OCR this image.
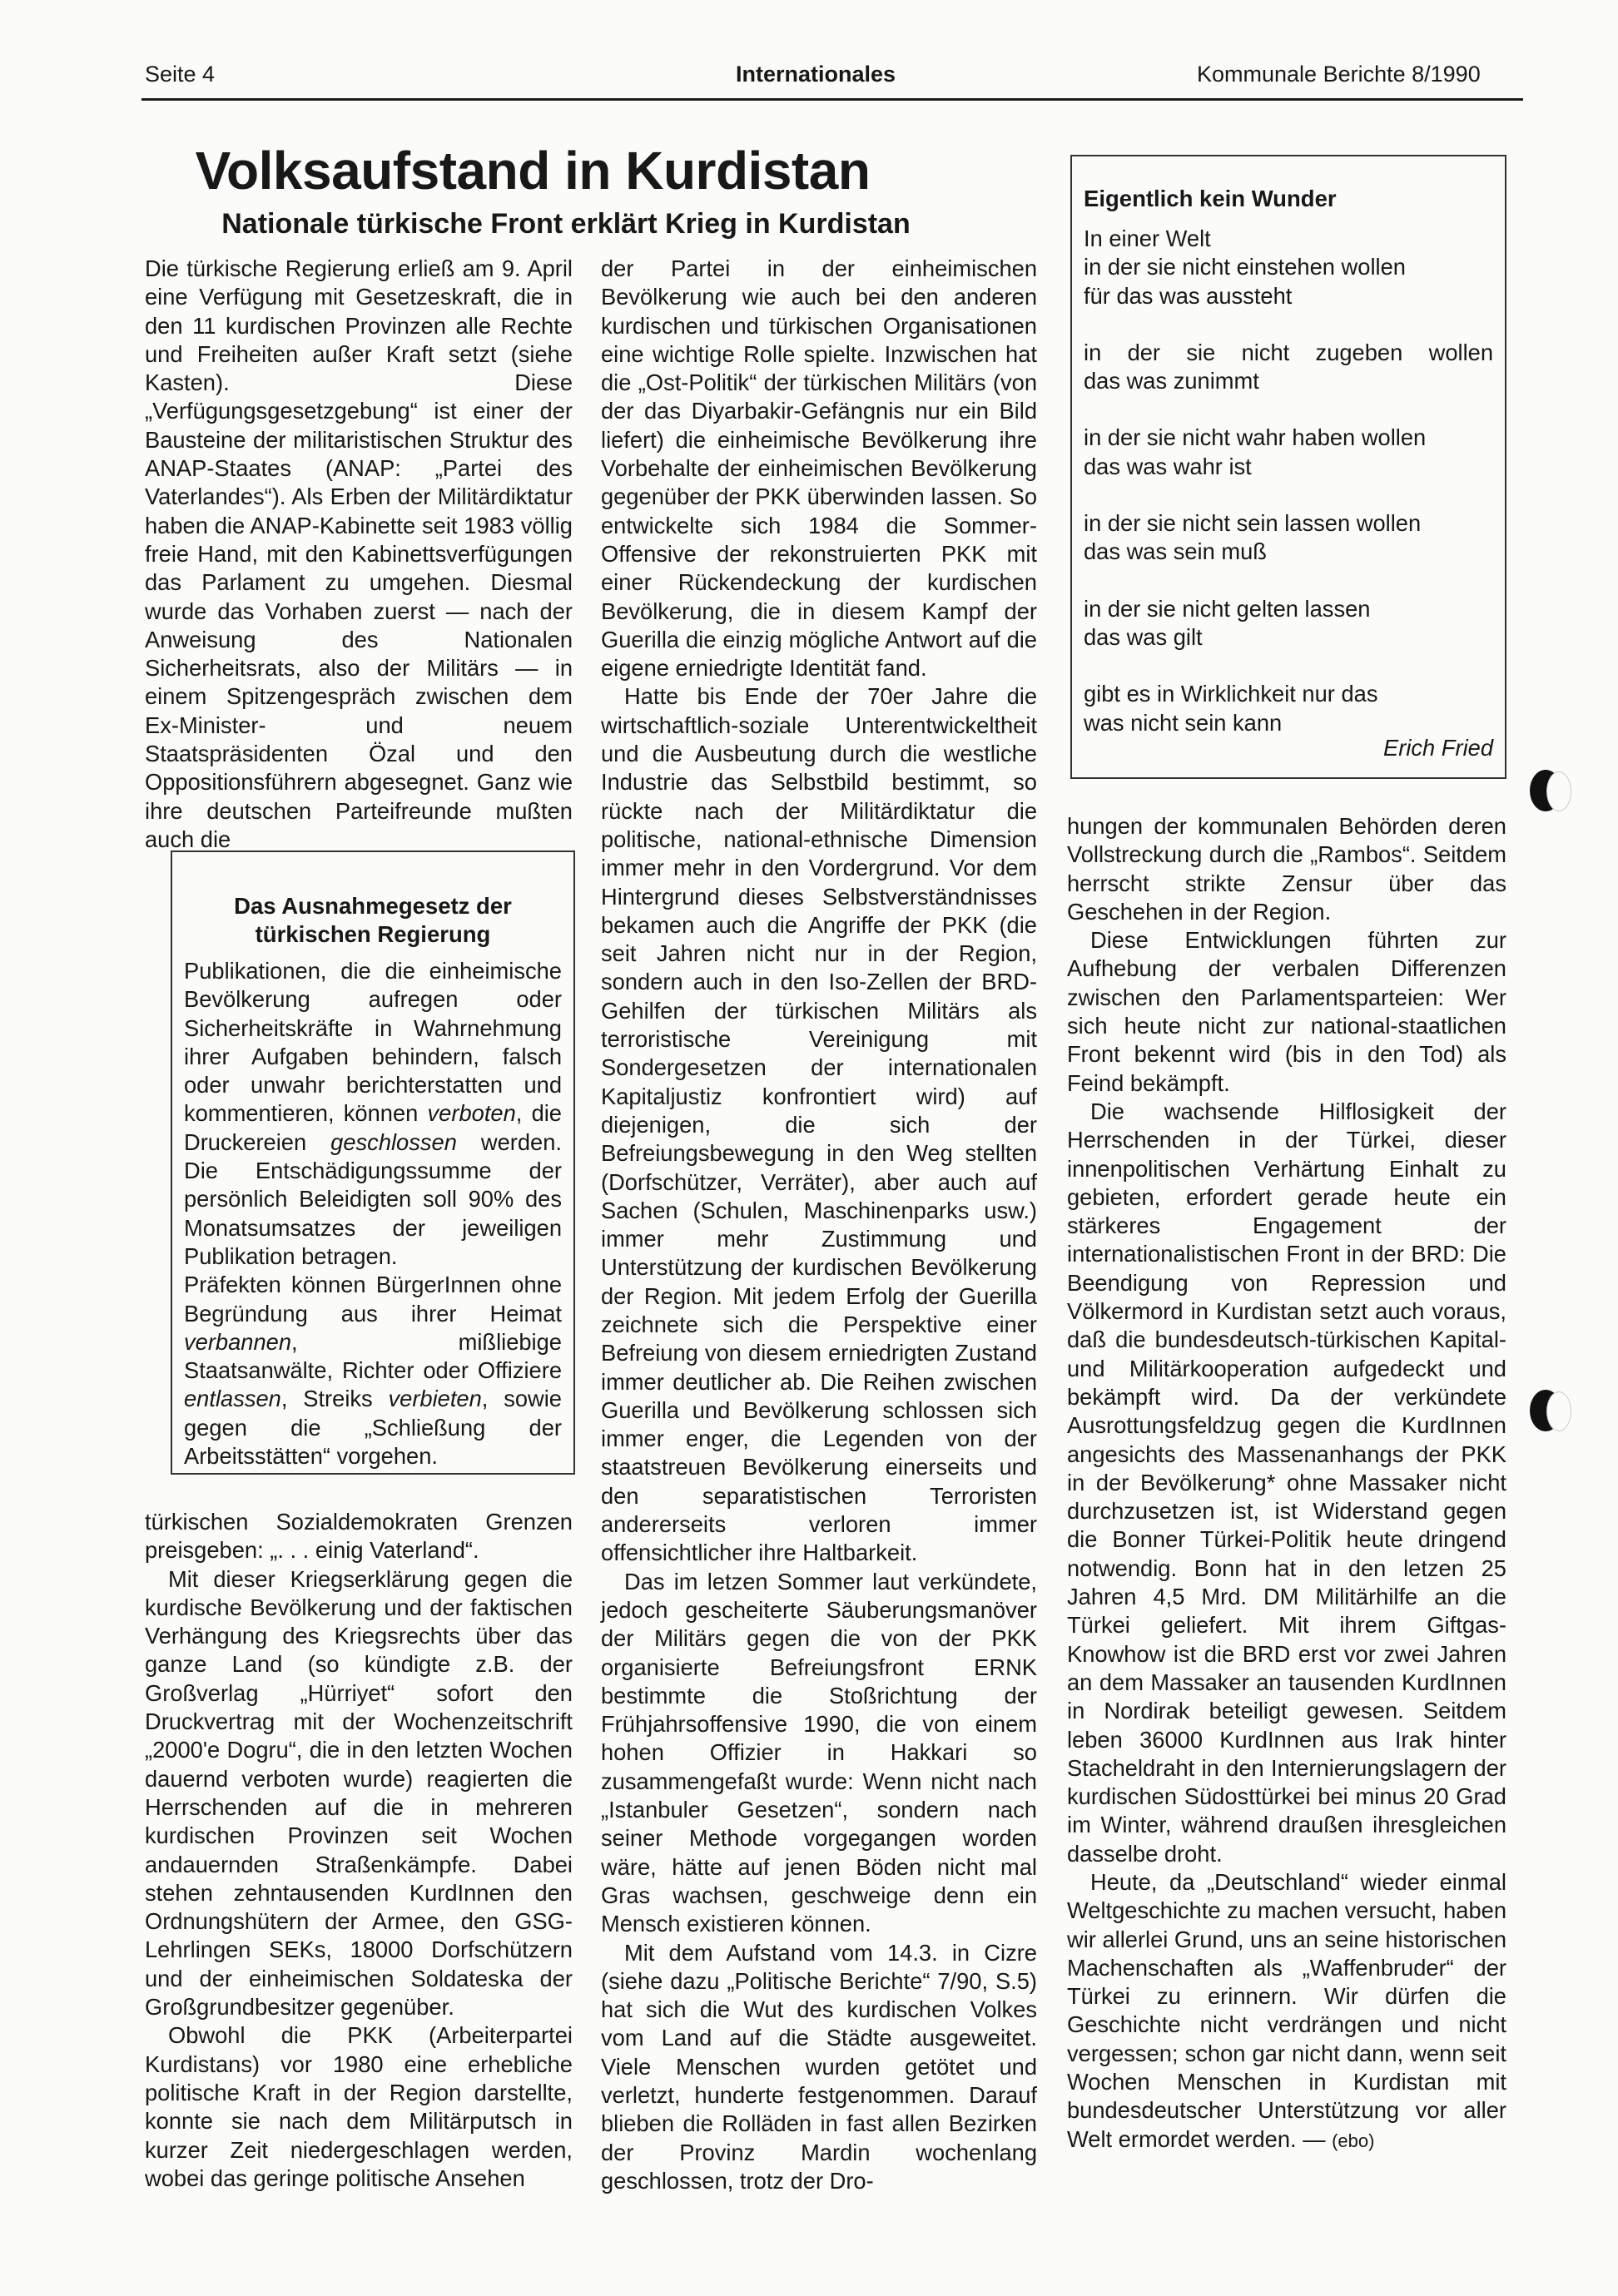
Seite 4	Internationales	Kommunale Berichte 8/1990
Volksaufstand in Kurdistan
Nationale türkische Front erklärt Krieg in Kurdistan

Die türkische Regierung erließ am 9. April eine Verfügung mit Gesetzeskraft, die in den 11 kurdischen Provinzen alle Rechte und Freiheiten außer Kraft setzt (siehe Kasten). Diese „Verfügungsgesetzgebung“ ist einer der Bausteine der militaristischen Struktur des ANAP-Staates (ANAP: „Partei des Vaterlandes“). Als Erben der Militärdiktatur haben die ANAP-Kabinette seit 1983 völlig freie Hand, mit den Kabinettsverfügungen das Parlament zu umgehen. Diesmal wurde das Vorhaben zuerst — nach der Anweisung des Nationalen Sicherheitsrats, also der Militärs — in einem Spitzengespräch zwischen dem Ex-Minister- und neuem Staatspräsidenten Özal und den Oppositionsführern abgesegnet. Ganz wie ihre deutschen Parteifreunde mußten auch die

Das Ausnahmegesetz der türkischen Regierung

Publikationen, die die einheimische Bevölkerung aufregen oder Sicherheitskräfte in Wahrnehmung ihrer Aufgaben behindern, falsch oder unwahr berichterstatten und kommentieren, können verboten, die Druckereien geschlossen werden. Die Entschädigungssumme der persönlich Beleidigten soll 90% des Monatsumsatzes der jeweiligen Publikation betragen.

Präfekten können BürgerInnen ohne Begründung aus ihrer Heimat verbannen, mißliebige Staatsanwälte, Richter oder Offiziere entlassen, Streiks verbieten, sowie gegen die „Schließung der Arbeitsstätten“ vorgehen.

türkischen Sozialdemokraten Grenzen preisgeben: „. . . einig Vaterland“.

Mit dieser Kriegserklärung gegen die kurdische Bevölkerung und der faktischen Verhängung des Kriegsrechts über das ganze Land (so kündigte z.B. der Großverlag „Hürriyet“ sofort den Druckvertrag mit der Wochenzeitschrift „2000'e Dogru“, die in den letzten Wochen dauernd verboten wurde) reagierten die Herrschenden auf die in mehreren kurdischen Provinzen seit Wochen andauernden Straßenkämpfe. Dabei stehen zehntausenden KurdInnen den Ordnungshütern der Armee, den GSG-Lehrlingen SEKs, 18000 Dorfschützern und der einheimischen Soldateska der Großgrundbesitzer gegenüber.

Obwohl die PKK (Arbeiterpartei Kurdistans) vor 1980 eine erhebliche politische Kraft in der Region darstellte, konnte sie nach dem Militärputsch in kurzer Zeit niedergeschlagen werden, wobei das geringe politische Ansehen

der Partei in der einheimischen Bevölkerung wie auch bei den anderen kurdischen und türkischen Organisationen eine wichtige Rolle spielte. Inzwischen hat die „Ost-Politik“ der türkischen Militärs (von der das Diyarbakir-Gefängnis nur ein Bild liefert) die einheimische Bevölkerung ihre Vorbehalte der einheimischen Bevölkerung gegenüber der PKK überwinden lassen. So entwickelte sich 1984 die Sommer-Offensive der rekonstruierten PKK mit einer Rückendeckung der kurdischen Bevölkerung, die in diesem Kampf der Guerilla die einzig mögliche Antwort auf die eigene erniedrigte Identität fand.

Hatte bis Ende der 70er Jahre die wirtschaftlich-soziale Unterentwickeltheit und die Ausbeutung durch die westliche Industrie das Selbstbild bestimmt, so rückte nach der Militärdiktatur die politische, national-ethnische Dimension immer mehr in den Vordergrund. Vor dem Hintergrund dieses Selbstverständnisses bekamen auch die Angriffe der PKK (die seit Jahren nicht nur in der Region, sondern auch in den Iso-Zellen der BRD-Gehilfen der türkischen Militärs als terroristische Vereinigung mit Sondergesetzen der internationalen Kapitaljustiz konfrontiert wird) auf diejenigen, die sich der Befreiungsbewegung in den Weg stellten (Dorfschützer, Verräter), aber auch auf Sachen (Schulen, Maschinenparks usw.) immer mehr Zustimmung und Unterstützung der kurdischen Bevölkerung der Region. Mit jedem Erfolg der Guerilla zeichnete sich die Perspektive einer Befreiung von diesem erniedrigten Zustand immer deutlicher ab. Die Reihen zwischen Guerilla und Bevölkerung schlossen sich immer enger, die Legenden von der staatstreuen Bevölkerung einerseits und den separatistischen Terroristen andererseits verloren immer offensichtlicher ihre Haltbarkeit.

Das im letzen Sommer laut verkündete, jedoch gescheiterte Säuberungsmanöver der Militärs gegen die von der PKK organisierte Befreiungsfront ERNK bestimmte die Stoßrichtung der Frühjahrsoffensive 1990, die von einem hohen Offizier in Hakkari so zusammengefaßt wurde: Wenn nicht nach „Istanbuler Gesetzen“, sondern nach seiner Methode vorgegangen worden wäre, hätte auf jenen Böden nicht mal Gras wachsen, geschweige denn ein Mensch existieren können.

Mit dem Aufstand vom 14.3. in Cizre (siehe dazu „Politische Berichte“ 7/90, S.5) hat sich die Wut des kurdischen Volkes vom Land auf die Städte ausgeweitet. Viele Menschen wurden getötet und verletzt, hunderte festgenommen. Darauf blieben die Rolläden in fast allen Bezirken der Provinz Mardin wochenlang geschlossen, trotz der Dro-

Eigentlich kein Wunder
In einer Welt
in der sie nicht einstehen wollen
für das was aussteht
in der sie nicht zugeben wollen
das was zunimmt
in der sie nicht wahr haben wollen
das was wahr ist
in der sie nicht sein lassen wollen
das was sein muß
in der sie nicht gelten lassen
das was gilt
gibt es in Wirklichkeit nur das
was nicht sein kann
Erich Fried

hungen der kommunalen Behörden deren Vollstreckung durch die „Rambos“. Seitdem herrscht strikte Zensur über das Geschehen in der Region.

Diese Entwicklungen führten zur Aufhebung der verbalen Differenzen zwischen den Parlamentsparteien: Wer sich heute nicht zur national-staatlichen Front bekennt wird (bis in den Tod) als Feind bekämpft.

Die wachsende Hilflosigkeit der Herrschenden in der Türkei, dieser innenpolitischen Verhärtung Einhalt zu gebieten, erfordert gerade heute ein stärkeres Engagement der internationalistischen Front in der BRD: Die Beendigung von Repression und Völkermord in Kurdistan setzt auch voraus, daß die bundesdeutsch-türkischen Kapital- und Militärkooperation aufgedeckt und bekämpft wird. Da der verkündete Ausrottungsfeldzug gegen die KurdInnen angesichts des Massenanhangs der PKK in der Bevölkerung* ohne Massaker nicht durchzusetzen ist, ist Widerstand gegen die Bonner Türkei-Politik heute dringend notwendig. Bonn hat in den letzen 25 Jahren 4,5 Mrd. DM Militärhilfe an die Türkei geliefert. Mit ihrem Giftgas-Knowhow ist die BRD erst vor zwei Jahren an dem Massaker an tausenden KurdInnen in Nordirak beteiligt gewesen. Seitdem leben 36000 KurdInnen aus Irak hinter Stacheldraht in den Internierungslagern der kurdischen Südosttürkei bei minus 20 Grad im Winter, während draußen ihresgleichen dasselbe droht.

Heute, da „Deutschland“ wieder einmal Weltgeschichte zu machen versucht, haben wir allerlei Grund, uns an seine historischen Machenschaften als „Waffenbruder“ der Türkei zu erinnern. Wir dürfen die Geschichte nicht verdrängen und nicht vergessen; schon gar nicht dann, wenn seit Wochen Menschen in Kurdistan mit bundesdeutscher Unterstützung vor aller Welt ermordet werden. — (ebo)
